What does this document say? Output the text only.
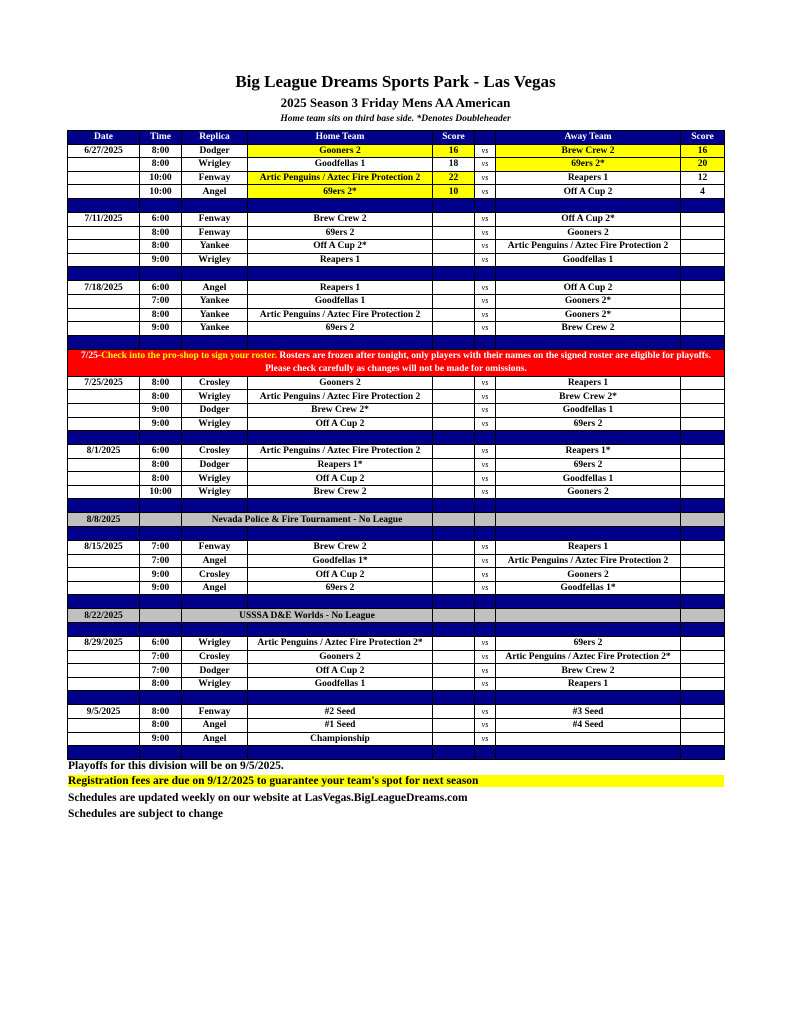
Big League Dreams Sports Park - Las Vegas
2025 Season 3 Friday Mens AA American
Home team sits on third base side. *Denotes Doubleheader
Date	Time	Replica	Home Team	Score		Away Team	Score
6/27/2025	8:00	Dodger	Gooners 2	16	vs	Brew Crew 2	16
	8:00	Wrigley	Goodfellas 1	18	vs	69ers 2*	20
	10:00	Fenway	Artic Penguins / Aztec Fire Protection 2	22	vs	Reapers 1	12
	10:00	Angel	69ers 2*	10	vs	Off A Cup 2	4

7/11/2025	6:00	Fenway	Brew Crew 2		vs	Off A Cup 2*	
	8:00	Fenway	69ers 2		vs	Gooners 2	
	8:00	Yankee	Off A Cup 2*		vs	Artic Penguins / Aztec Fire Protection 2	
	9:00	Wrigley	Reapers 1		vs	Goodfellas 1	

7/18/2025	6:00	Angel	Reapers 1		vs	Off A Cup 2	
	7:00	Yankee	Goodfellas 1		vs	Gooners 2*	
	8:00	Yankee	Artic Penguins / Aztec Fire Protection 2		vs	Gooners 2*	
	9:00	Yankee	69ers 2		vs	Brew Crew 2	

7/25-Check into the pro-shop to sign your roster. Rosters are frozen after tonight, only players with their names on the signed roster are eligible for playoffs. Please check carefully as changes will not be made for omissions.							
7/25/2025	8:00	Crosley	Gooners 2		vs	Reapers 1	
	8:00	Wrigley	Artic Penguins / Aztec Fire Protection 2		vs	Brew Crew 2*	
	9:00	Dodger	Brew Crew 2*		vs	Goodfellas 1	
	9:00	Wrigley	Off A Cup 2		vs	69ers 2	

8/1/2025	6:00	Crosley	Artic Penguins / Aztec Fire Protection 2		vs	Reapers 1*	
	8:00	Dodger	Reapers 1*		vs	69ers 2	
	8:00	Wrigley	Off A Cup 2		vs	Goodfellas 1	
	10:00	Wrigley	Brew Crew 2		vs	Gooners 2	

8/8/2025		Nevada Police & Fire Tournament - No League					

8/15/2025	7:00	Fenway	Brew Crew 2		vs	Reapers 1	
	7:00	Angel	Goodfellas 1*		vs	Artic Penguins / Aztec Fire Protection 2	
	9:00	Crosley	Off A Cup 2		vs	Gooners 2	
	9:00	Angel	69ers 2		vs	Goodfellas 1*	

8/22/2025		USSSA D&E Worlds - No League					

8/29/2025	6:00	Wrigley	Artic Penguins / Aztec Fire Protection 2*		vs	69ers 2	
	7:00	Crosley	Gooners 2		vs	Artic Penguins / Aztec Fire Protection 2*	
	7:00	Dodger	Off A Cup 2		vs	Brew Crew 2	
	8:00	Wrigley	Goodfellas 1		vs	Reapers 1	

9/5/2025	8:00	Fenway	#2 Seed		vs	#3 Seed	
	8:00	Angel	#1 Seed		vs	#4 Seed	
	9:00	Angel	Championship		vs		

Playoffs for this division will be on 9/5/2025.
Registration fees are due on 9/12/2025 to guarantee your team's spot for next season
Schedules are updated weekly on our website at LasVegas.BigLeagueDreams.com
Schedules are subject to change
